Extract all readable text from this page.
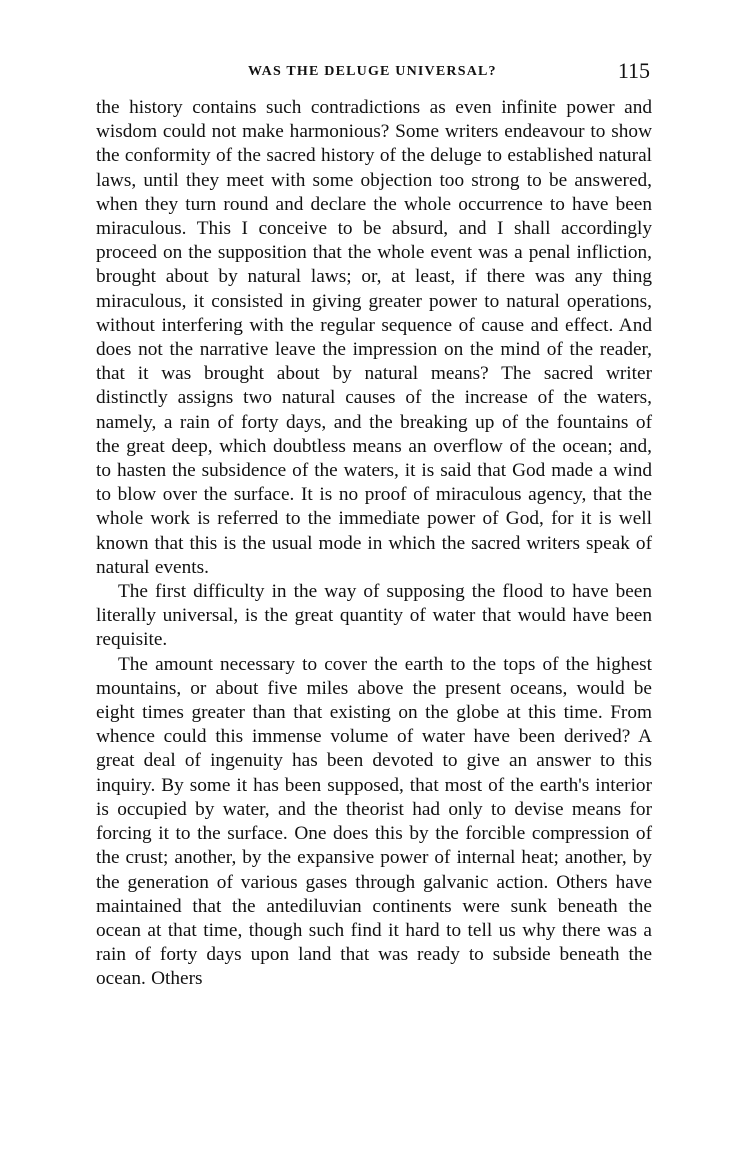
WAS THE DELUGE UNIVERSAL?	115

the history contains such contradictions as even infinite power and wisdom could not make harmonious? Some writers endeavour to show the conformity of the sacred history of the deluge to established natural laws, until they meet with some objection too strong to be answered, when they turn round and declare the whole occurrence to have been miraculous. This I conceive to be absurd, and I shall accordingly proceed on the supposition that the whole event was a penal infliction, brought about by natural laws; or, at least, if there was any thing miraculous, it consisted in giving greater power to natural operations, without interfering with the regular sequence of cause and effect. And does not the narrative leave the impression on the mind of the reader, that it was brought about by natural means? The sacred writer distinctly assigns two natural causes of the increase of the waters, namely, a rain of forty days, and the breaking up of the fountains of the great deep, which doubtless means an overflow of the ocean; and, to hasten the subsidence of the waters, it is said that God made a wind to blow over the surface. It is no proof of miraculous agency, that the whole work is referred to the immediate power of God, for it is well known that this is the usual mode in which the sacred writers speak of natural events.

The first difficulty in the way of supposing the flood to have been literally universal, is the great quantity of water that would have been requisite.

The amount necessary to cover the earth to the tops of the highest mountains, or about five miles above the present oceans, would be eight times greater than that existing on the globe at this time. From whence could this immense volume of water have been derived? A great deal of ingenuity has been devoted to give an answer to this inquiry. By some it has been supposed, that most of the earth's interior is occupied by water, and the theorist had only to devise means for forcing it to the surface. One does this by the forcible compression of the crust; another, by the expansive power of internal heat; another, by the generation of various gases through galvanic action. Others have maintained that the antediluvian continents were sunk beneath the ocean at that time, though such find it hard to tell us why there was a rain of forty days upon land that was ready to subside beneath the ocean. Others
